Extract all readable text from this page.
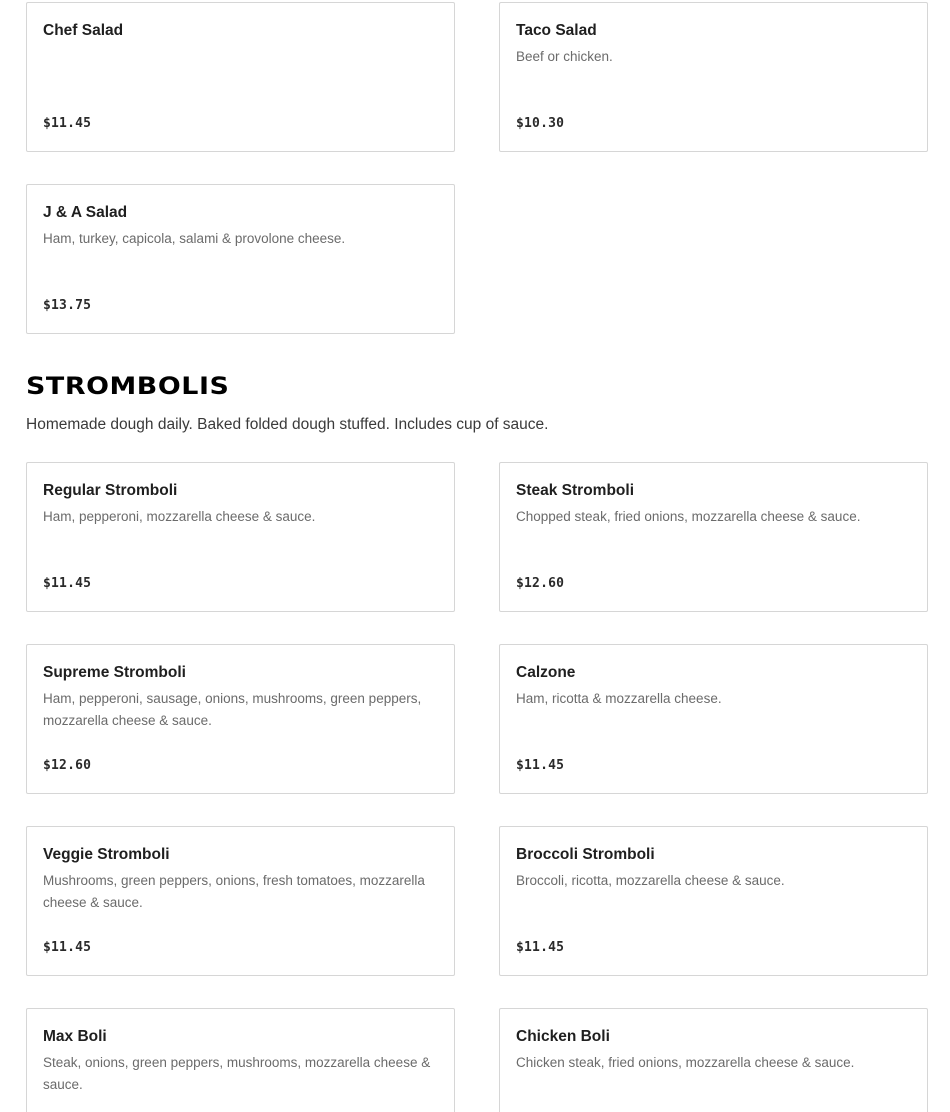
Chef Salad
$11.45
Taco Salad
Beef or chicken.
$10.30
J & A Salad
Ham, turkey, capicola, salami & provolone cheese.
$13.75
STROMBOLIS

Homemade dough daily. Baked folded dough stuffed. Includes cup of sauce.

Regular Stromboli
Ham, pepperoni, mozzarella cheese & sauce.
$11.45
Steak Stromboli
Chopped steak, fried onions, mozzarella cheese & sauce.
$12.60
Supreme Stromboli
Ham, pepperoni, sausage, onions, mushrooms, green peppers, mozzarella cheese & sauce.
$12.60
Calzone
Ham, ricotta & mozzarella cheese.
$11.45
Veggie Stromboli
Mushrooms, green peppers, onions, fresh tomatoes, mozzarella cheese & sauce.
$11.45
Broccoli Stromboli
Broccoli, ricotta, mozzarella cheese & sauce.
$11.45
Max Boli
Steak, onions, green peppers, mushrooms, mozzarella cheese & sauce.
Chicken Boli
Chicken steak, fried onions, mozzarella cheese & sauce.
